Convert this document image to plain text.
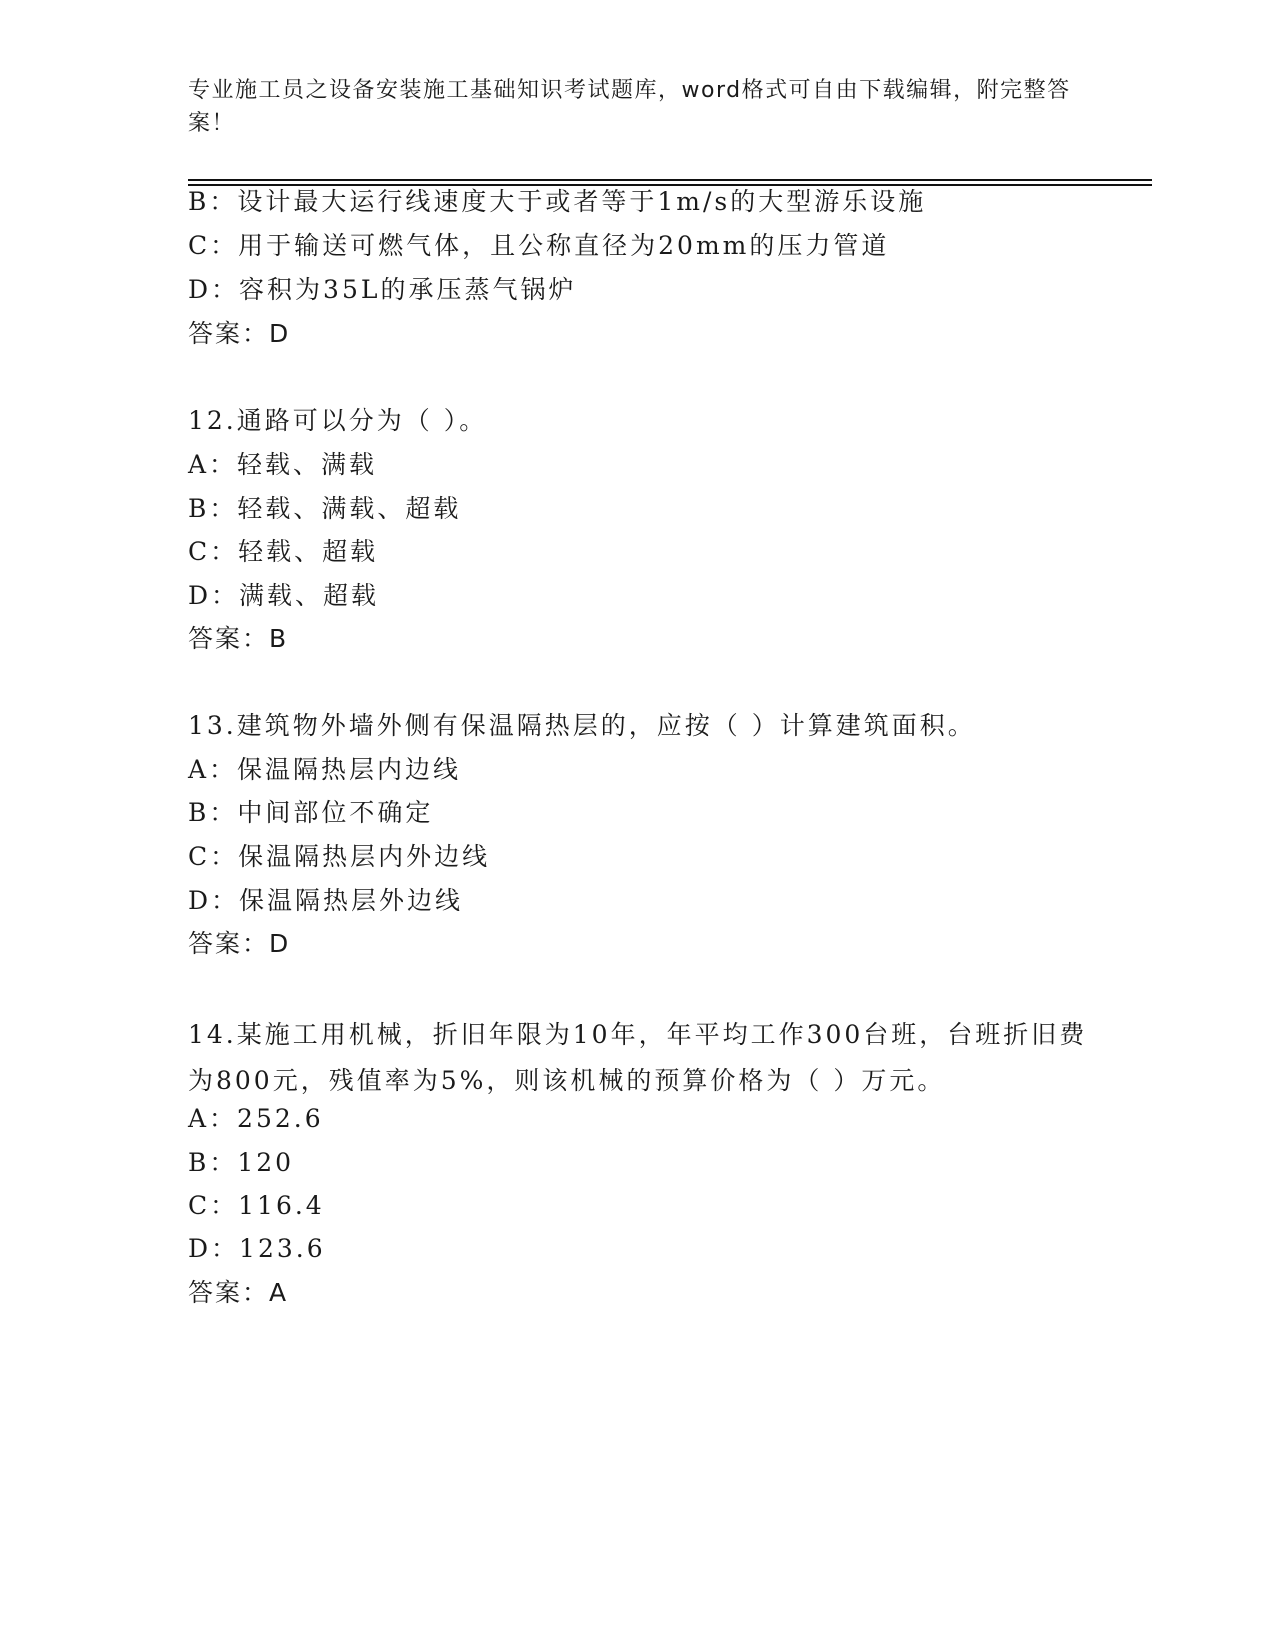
专业施工员之设备安装施工基础知识考试题库，word格式可自由下载编辑，附完整答案！
B：设计最大运行线速度大于或者等于1m/s的大型游乐设施
C：用于输送可燃气体，且公称直径为20mm的压力管道
D：容积为35L的承压蒸气锅炉
答案：D
12.通路可以分为（ ）。
A：轻载、满载
B：轻载、满载、超载
C：轻载、超载
D：满载、超载
答案：B
13.建筑物外墙外侧有保温隔热层的，应按（ ）计算建筑面积。
A：保温隔热层内边线
B：中间部位不确定
C：保温隔热层内外边线
D：保温隔热层外边线
答案：D
14.某施工用机械，折旧年限为10年，年平均工作300台班，台班折旧费为800元，残值率为5%，则该机械的预算价格为（ ）万元。
A：252.6
B：120
C：116.4
D：123.6
答案：A
